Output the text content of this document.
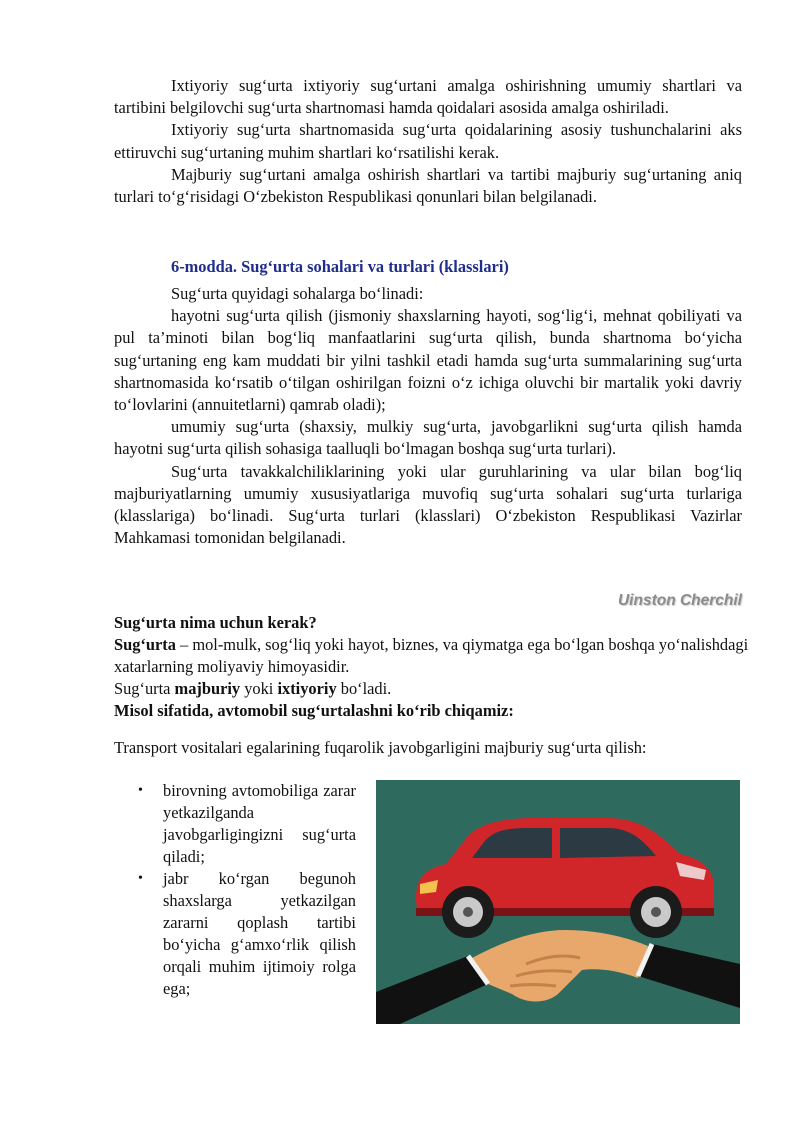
Ixtiyoriy sug‘urta ixtiyoriy sug‘urtani amalga oshirishning umumiy shartlari va tartibini belgilovchi sug‘urta shartnomasi hamda qoidalari asosida amalga oshiriladi.

Ixtiyoriy sug‘urta shartnomasida sug‘urta qoidalarining asosiy tushunchalarini aks ettiruvchi sug‘urtaning muhim shartlari ko‘rsatilishi kerak.

Majburiy sug‘urtani amalga oshirish shartlari va tartibi majburiy sug‘urtaning aniq turlari to‘g‘risidagi O‘zbekiston Respublikasi qonunlari bilan belgilanadi.

6-modda. Sug‘urta sohalari va turlari (klasslari)

Sug‘urta quyidagi sohalarga bo‘linadi:

hayotni sug‘urta qilish (jismoniy shaxslarning hayoti, sog‘lig‘i, mehnat qobiliyati va pul ta’minoti bilan bog‘liq manfaatlarini sug‘urta qilish, bunda shartnoma bo‘yicha sug‘urtaning eng kam muddati bir yilni tashkil etadi hamda sug‘urta summalarining sug‘urta shartnomasida ko‘rsatib o‘tilgan oshirilgan foizni o‘z ichiga oluvchi bir martalik yoki davriy to‘lovlarini (annuitetlarni) qamrab oladi);

umumiy sug‘urta (shaxsiy, mulkiy sug‘urta, javobgarlikni sug‘urta qilish hamda hayotni sug‘urta qilish sohasiga taalluqli bo‘lmagan boshqa sug‘urta turlari).

Sug‘urta tavakkalchiliklarining yoki ular guruhlarining va ular bilan bog‘liq majburiyatlarning umumiy xususiyatlariga muvofiq sug‘urta sohalari sug‘urta turlariga (klasslariga) bo‘linadi. Sug‘urta turlari (klasslari) O‘zbekiston Respublikasi Vazirlar Mahkamasi tomonidan belgilanadi.

Uinston Cherchil

Sug‘urta nima uchun kerak?

Sug‘urta – mol-mulk, sog‘liq yoki hayot, biznes, va qiymatga ega bo‘lgan boshqa yo‘nalishdagi xatarlarning moliyaviy himoyasidir.

Sug‘urta majburiy yoki ixtiyoriy bo‘ladi.

Misol sifatida, avtomobil sug‘urtalashni ko‘rib chiqamiz:

Transport vositalari egalarining fuqarolik javobgarligini majburiy sug‘urta qilish:

• birovning avtomobiliga zarar yetkazilganda javobgarligingizni sug‘urta qiladi;
• jabr ko‘rgan begunoh shaxslarga yetkazilgan zararni qoplash tartibi bo‘yicha g‘amxo‘rlik qilish orqali muhim ijtimoiy rolga ega;
